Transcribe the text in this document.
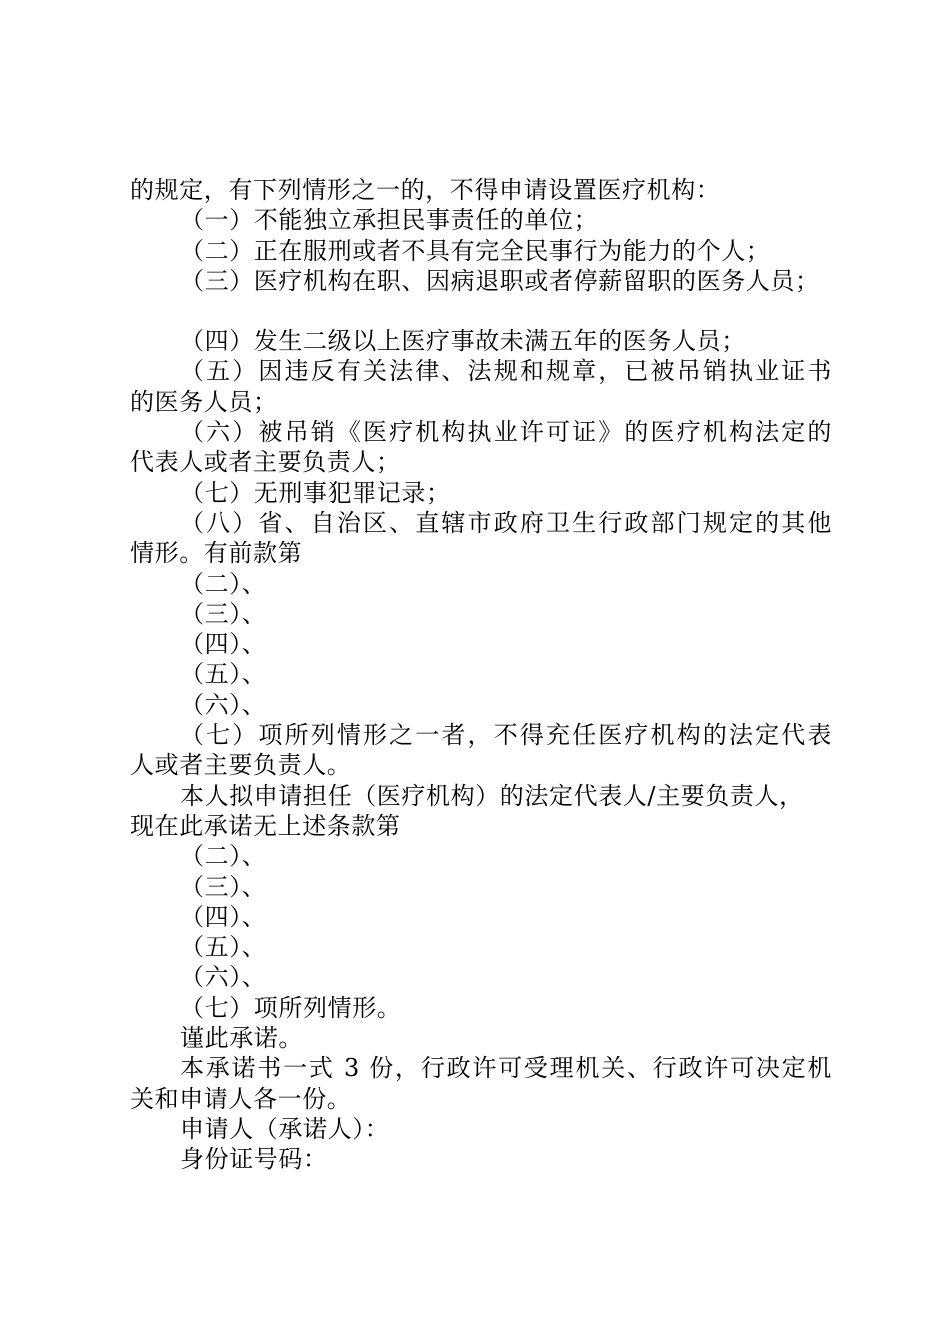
的规定，有下列情形之一的，不得申请设置医疗机构：

（一）不能独立承担民事责任的单位；

（二）正在服刑或者不具有完全民事行为能力的个人；

（三）医疗机构在职、因病退职或者停薪留职的医务人员；

（四）发生二级以上医疗事故未满五年的医务人员；

（五）因违反有关法律、法规和规章，已被吊销执业证书

的医务人员；

（六）被吊销《医疗机构执业许可证》的医疗机构法定的

代表人或者主要负责人；

（七）无刑事犯罪记录；

（八）省、自治区、直辖市政府卫生行政部门规定的其他

情形。有前款第

（二）、

（三）、

（四）、

（五）、

（六）、

（七）项所列情形之一者，不得充任医疗机构的法定代表

人或者主要负责人。

本人拟申请担任（医疗机构）的法定代表人/主要负责人，

现在此承诺无上述条款第

（二）、

（三）、

（四）、

（五）、

（六）、

（七）项所列情形。

谨此承诺。

本承诺书一式 3 份，行政许可受理机关、行政许可决定机

关和申请人各一份。

申请人（承诺人）：

身份证号码：
